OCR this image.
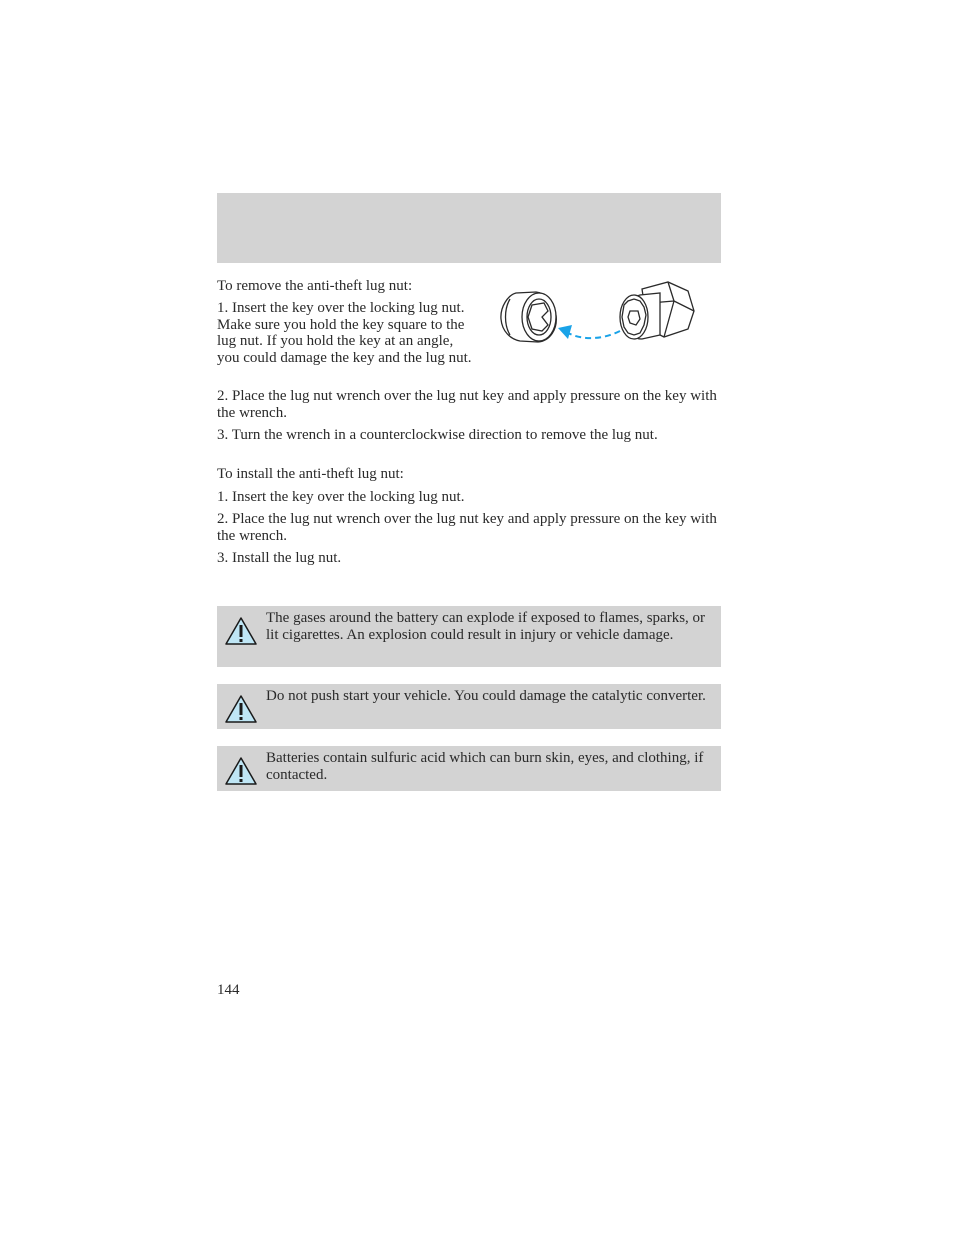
To remove the anti-theft lug nut:

1. Insert the key over the locking lug nut. Make sure you hold the key square to the lug nut. If you hold the key at an angle, you could damage the key and the lug nut.

2. Place the lug nut wrench over the lug nut key and apply pressure on the key with the wrench.

3. Turn the wrench in a counterclockwise direction to remove the lug nut.

To install the anti-theft lug nut:

1. Insert the key over the locking lug nut.

2. Place the lug nut wrench over the lug nut key and apply pressure on the key with the wrench.

3. Install the lug nut.

The gases around the battery can explode if exposed to flames, sparks, or lit cigarettes. An explosion could result in injury or vehicle damage.
Do not push start your vehicle. You could damage the catalytic converter.
Batteries contain sulfuric acid which can burn skin, eyes, and clothing, if contacted.
144
